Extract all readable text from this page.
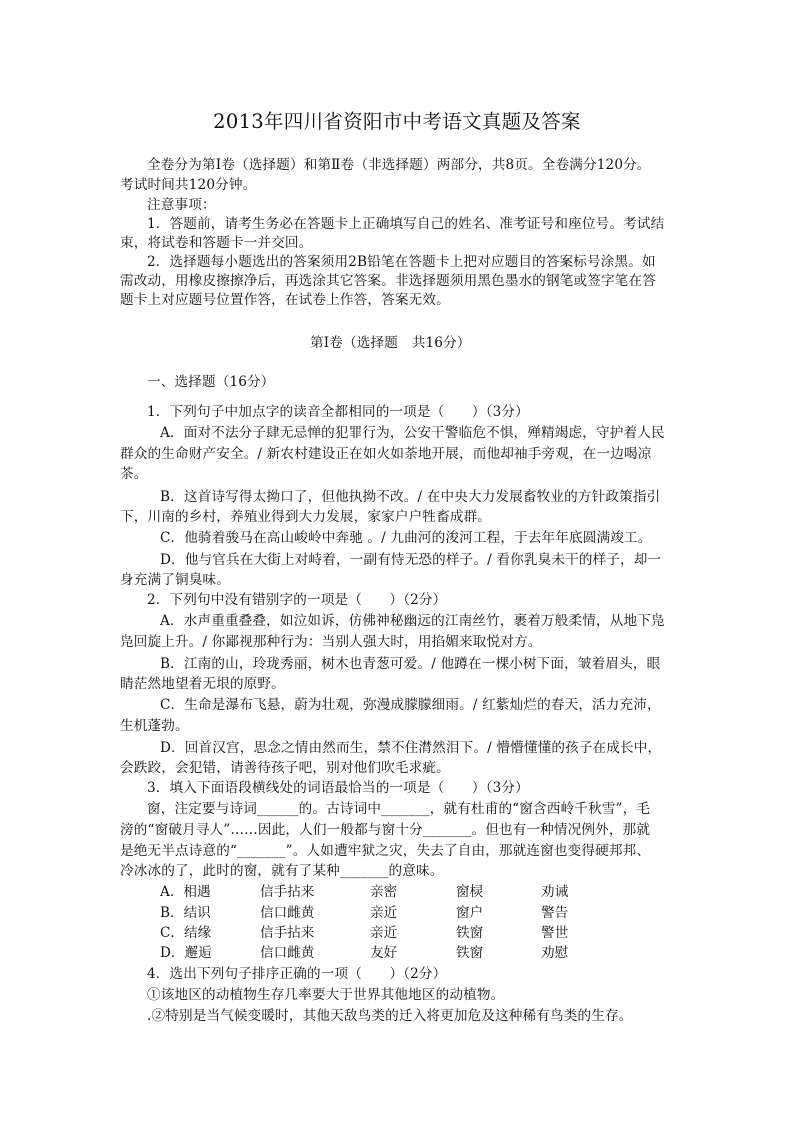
2013年四川省资阳市中考语文真题及答案
全卷分为第Ⅰ卷（选择题）和第Ⅱ卷（非选择题）两部分，共8页。全卷满分120分。
考试时间共120分钟。
注意事项：
1．答题前，请考生务必在答题卡上正确填写自己的姓名、准考证号和座位号。考试结
束，将试卷和答题卡一并交回。
2．选择题每小题选出的答案须用2B铅笔在答题卡上把对应题目的答案标号涂黑。如
需改动，用橡皮擦擦净后，再选涂其它答案。非选择题须用黑色墨水的钢笔或签字笔在答
题卡上对应题号位置作答，在试卷上作答，答案无效。
第Ⅰ卷（选择题　共16分）
一、选择题（16分）
1．下列句子中加点字的读音全都相同的一项是（　　）（3分）
A．面对不法分子肆无忌惮的犯罪行为，公安干警临危不惧，殚精竭虑，守护着人民
群众的生命财产安全。/ 新农村建设正在如火如荼地开展，而他却袖手旁观，在一边喝凉
茶。
B．这首诗写得太拗口了，但他执拗不改。/ 在中央大力发展畜牧业的方针政策指引
下，川南的乡村，养殖业得到大力发展，家家户户牲畜成群。
C．他骑着骏马在高山峻岭中奔驰 。/ 九曲河的浚河工程，于去年年底圆满竣工。
D．他与官兵在大街上对峙着，一副有恃无恐的样子。/ 看你乳臭未干的样子，却一
身充满了铜臭味。
2．下列句中没有错别字的一项是（　　）（2分）
A．水声重重叠叠，如泣如诉，仿佛神秘幽远的江南丝竹，裹着万般柔情，从地下凫
凫回旋上升。/ 你鄙视那种行为：当别人强大时，用掐媚来取悦对方。
B．江南的山，玲珑秀丽，树木也青葱可爱。/ 他蹲在一棵小树下面，皱着眉头，眼
睛茫然地望着无垠的原野。
C．生命是瀑布飞悬，蔚为壮观，弥漫成朦朦细雨。/ 红紫灿烂的春天，活力充沛，
生机蓬勃。
D．回首汉宫，思念之情由然而生，禁不住潸然泪下。/ 懵懵懂懂的孩子在成长中，
会跌跤，会犯错，请善待孩子吧，别对他们吹毛求疵。
3．填入下面语段横线处的词语最恰当的一项是（　　）（3分）
窗，注定要与诗词______的。古诗词中_______，就有杜甫的“窗含西岭千秋雪”，毛
滂的“窗破月寻人”……因此，人们一般都与窗十分_______。但也有一种情况例外，那就
是绝无半点诗意的“_______”。人如遭牢狱之灾，失去了自由，那就连窗也变得硬邦邦、
冷冰冰的了，此时的窗，就有了某种_______的意味。
A．相遇	信手拈来	亲密	窗棂	劝诫
B．结识	信口雌黄	亲近	窗户	警告
C．结缘	信手拈来	亲近	铁窗	警世
D．邂逅	信口雌黄	友好	铁窗	劝慰
4．选出下列句子排序正确的一项（　　）（2分）
①该地区的动植物生存几率要大于世界其他地区的动植物。
.②特别是当气候变暖时，其他天敌鸟类的迁入将更加危及这种稀有鸟类的生存。
